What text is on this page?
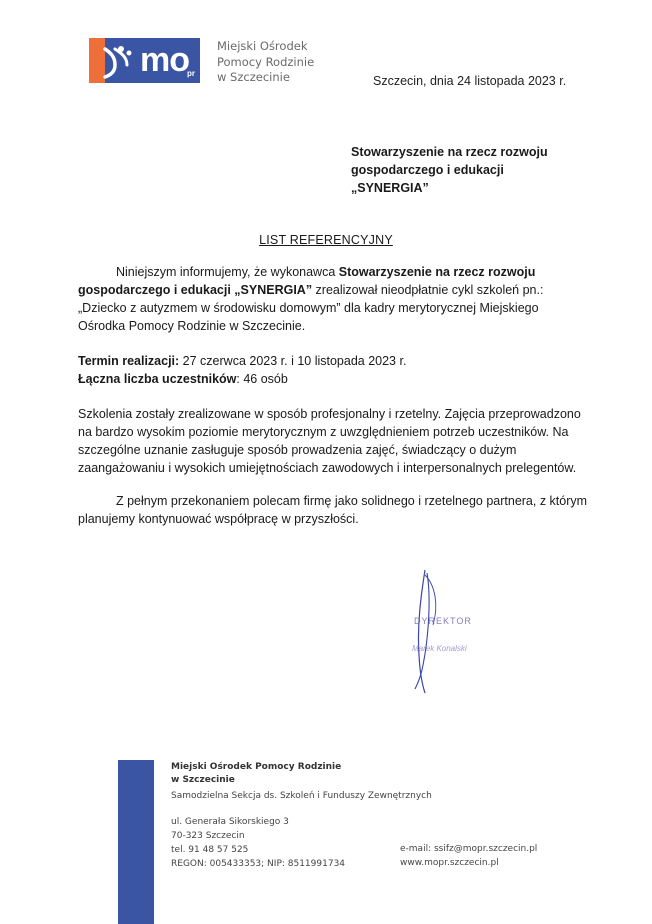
mo
pr
Miejski Ośrodek
Pomocy Rodzinie
w Szczecinie	Szczecin, dnia 24 listopada 2023 r.
Stowarzyszenie na rzecz rozwoju
gospodarczego i edukacji
„SYNERGIA”
LIST REFERENCYJNY
Niniejszym informujemy, że wykonawca Stowarzyszenie na rzecz rozwoju gospodarczego i edukacji „SYNERGIA” zrealizował nieodpłatnie cykl szkoleń pn.: „Dziecko z autyzmem w środowisku domowym” dla kadry merytorycznej Miejskiego Ośrodka Pomocy Rodzinie w Szczecinie.
Termin realizacji: 27 czerwca 2023 r. i 10 listopada 2023 r.
Łączna liczba uczestników: 46 osób
Szkolenia zostały zrealizowane w sposób profesjonalny i rzetelny. Zajęcia przeprowadzono na bardzo wysokim poziomie merytorycznym z uwzględnieniem potrzeb uczestników. Na szczególne uznanie zasługuje sposób prowadzenia zajęć, świadczący o dużym zaangażowaniu i wysokich umiejętnościach zawodowych i interpersonalnych prelegentów.
Z pełnym przekonaniem polecam firmę jako solidnego i rzetelnego partnera, z którym planujemy kontynuować współpracę w przyszłości.
DYREKTOR
Marek Konalski
Miejski Ośrodek Pomocy Rodzinie
w Szczecinie
Samodzielna Sekcja ds. Szkoleń i Funduszy Zewnętrznych
ul. Generała Sikorskiego 3
70-323 Szczecin
tel. 91 48 57 525
REGON: 005433353; NIP: 8511991734
e-mail: ssifz@mopr.szczecin.pl
www.mopr.szczecin.pl
